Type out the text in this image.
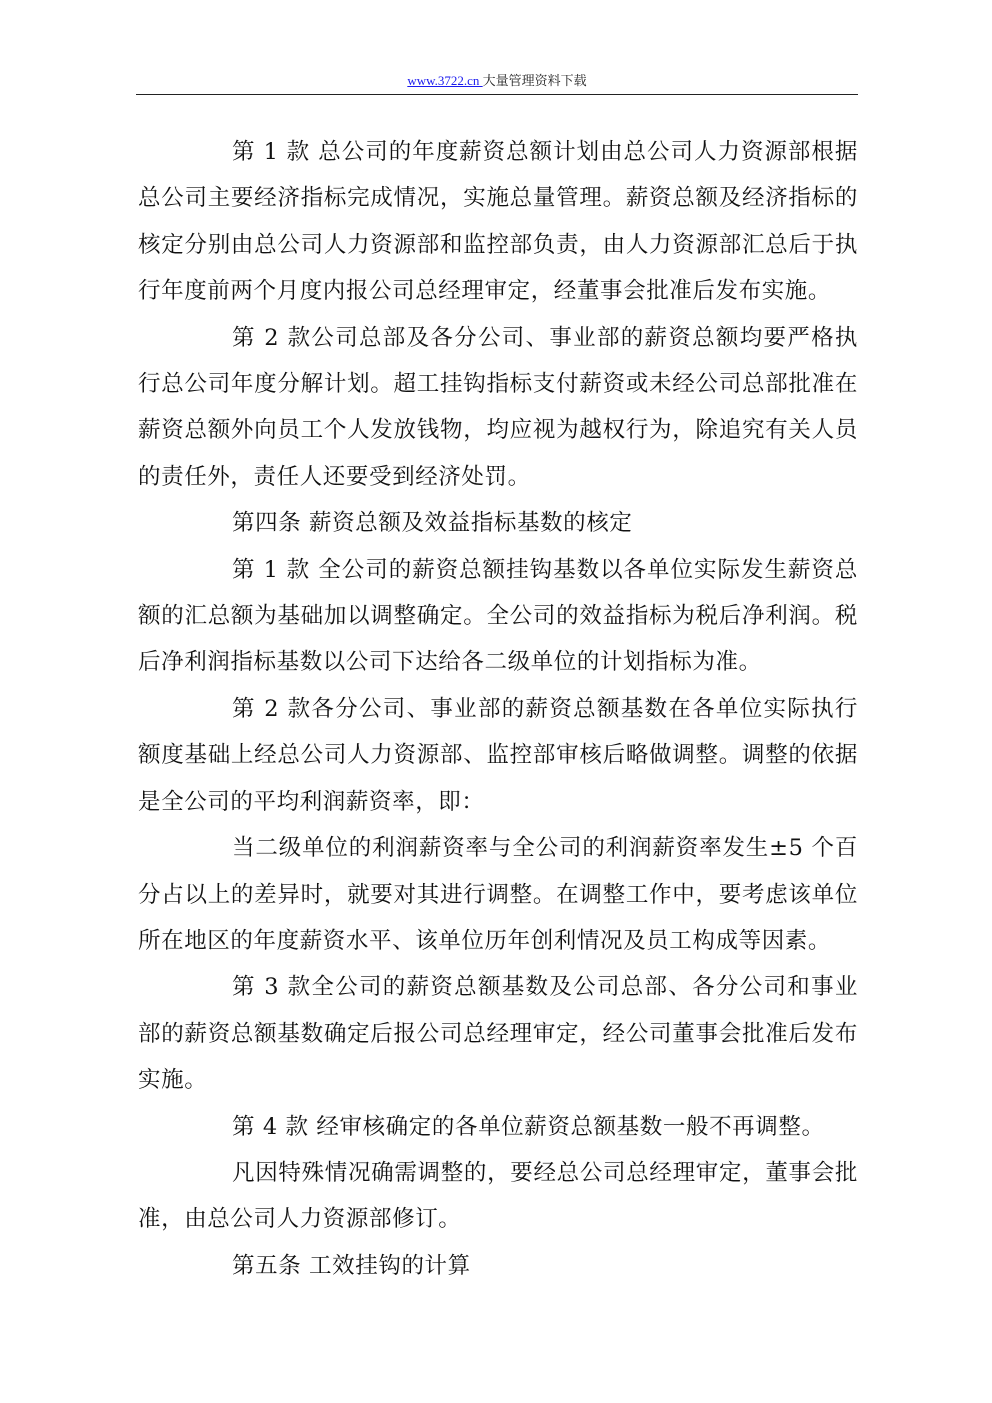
www.3722.cn 大量管理资料下载

第 1 款 总公司的年度薪资总额计划由总公司人力资源部根据总公司主要经济指标完成情况，实施总量管理。薪资总额及经济指标的核定分别由总公司人力资源部和监控部负责，由人力资源部汇总后于执行年度前两个月度内报公司总经理审定，经董事会批准后发布实施。

第 2 款公司总部及各分公司、事业部的薪资总额均要严格执行总公司年度分解计划。超工挂钩指标支付薪资或未经公司总部批准在薪资总额外向员工个人发放钱物，均应视为越权行为，除追究有关人员的责任外，责任人还要受到经济处罚。

第四条 薪资总额及效益指标基数的核定

第 1 款 全公司的薪资总额挂钩基数以各单位实际发生薪资总额的汇总额为基础加以调整确定。全公司的效益指标为税后净利润。税后净利润指标基数以公司下达给各二级单位的计划指标为准。

第 2 款各分公司、事业部的薪资总额基数在各单位实际执行额度基础上经总公司人力资源部、监控部审核后略做调整。调整的依据是全公司的平均利润薪资率，即：

当二级单位的利润薪资率与全公司的利润薪资率发生±5 个百分占以上的差异时，就要对其进行调整。在调整工作中，要考虑该单位所在地区的年度薪资水平、该单位历年创利情况及员工构成等因素。

第 3 款全公司的薪资总额基数及公司总部、各分公司和事业部的薪资总额基数确定后报公司总经理审定，经公司董事会批准后发布实施。

第 4 款 经审核确定的各单位薪资总额基数一般不再调整。

凡因特殊情况确需调整的，要经总公司总经理审定，董事会批准，由总公司人力资源部修订。

第五条 工效挂钩的计算
